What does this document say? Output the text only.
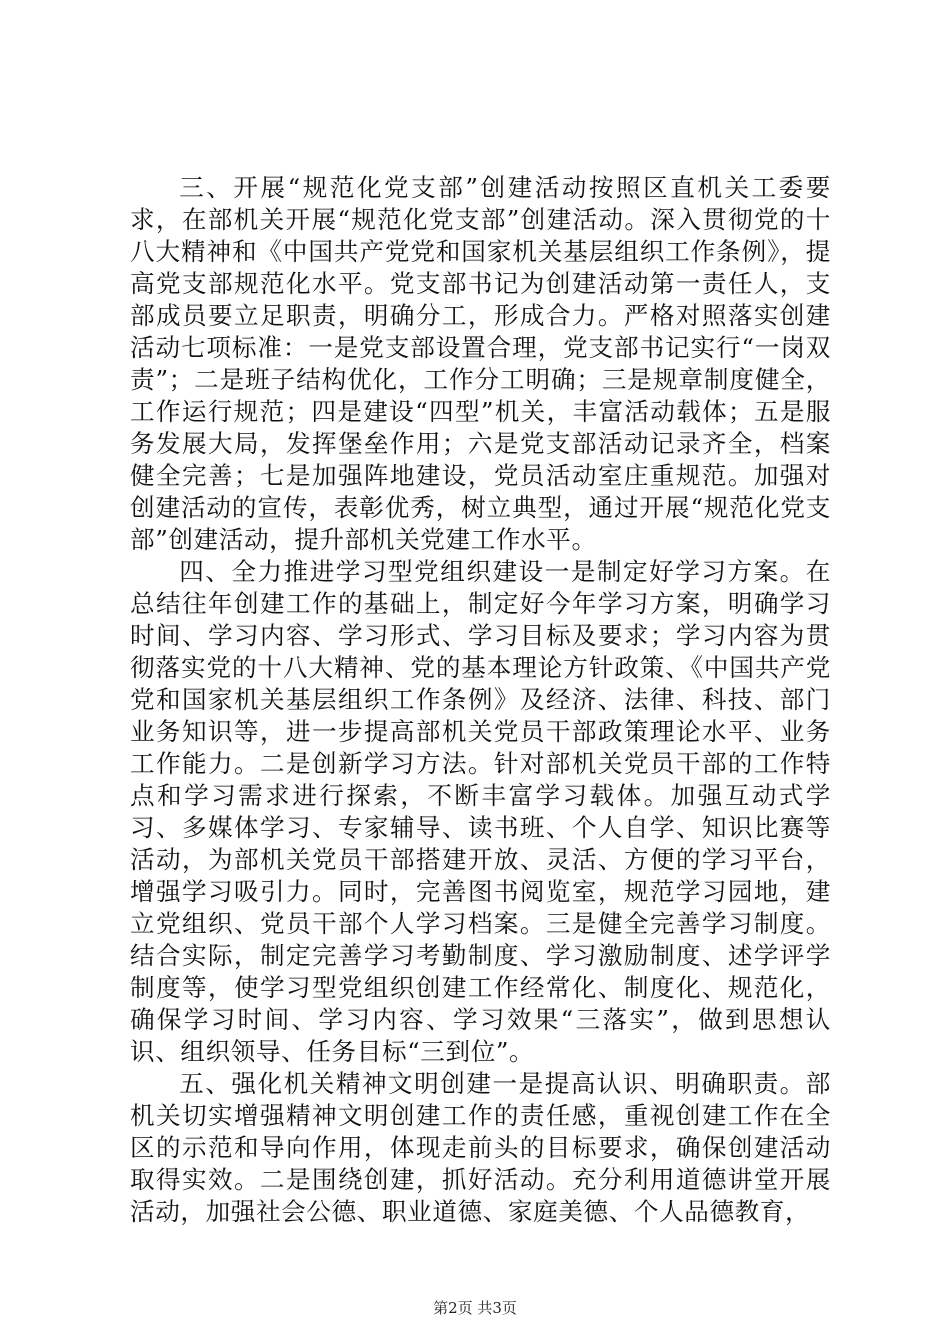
三、开展“规范化党支部”创建活动按照区直机关工委要求，在部机关开展“规范化党支部”创建活动。深入贯彻党的十八大精神和《中国共产党党和国家机关基层组织工作条例》，提高党支部规范化水平。党支部书记为创建活动第一责任人，支部成员要立足职责，明确分工，形成合力。严格对照落实创建活动七项标准：一是党支部设置合理，党支部书记实行“一岗双责”；二是班子结构优化，工作分工明确；三是规章制度健全，工作运行规范；四是建设“四型”机关，丰富活动载体；五是服务发展大局，发挥堡垒作用；六是党支部活动记录齐全，档案健全完善；七是加强阵地建设，党员活动室庄重规范。加强对创建活动的宣传，表彰优秀，树立典型，通过开展“规范化党支部”创建活动，提升部机关党建工作水平。

四、全力推进学习型党组织建设一是制定好学习方案。在总结往年创建工作的基础上，制定好今年学习方案，明确学习时间、学习内容、学习形式、学习目标及要求；学习内容为贯彻落实党的十八大精神、党的基本理论方针政策、《中国共产党党和国家机关基层组织工作条例》及经济、法律、科技、部门业务知识等，进一步提高部机关党员干部政策理论水平、业务工作能力。二是创新学习方法。针对部机关党员干部的工作特点和学习需求进行探索，不断丰富学习载体。加强互动式学习、多媒体学习、专家辅导、读书班、个人自学、知识比赛等活动，为部机关党员干部搭建开放、灵活、方便的学习平台，增强学习吸引力。同时，完善图书阅览室，规范学习园地，建立党组织、党员干部个人学习档案。三是健全完善学习制度。结合实际，制定完善学习考勤制度、学习激励制度、述学评学制度等，使学习型党组织创建工作经常化、制度化、规范化，确保学习时间、学习内容、学习效果“三落实”，做到思想认识、组织领导、任务目标“三到位”。

五、强化机关精神文明创建一是提高认识、明确职责。部机关切实增强精神文明创建工作的责任感，重视创建工作在全区的示范和导向作用，体现走前头的目标要求，确保创建活动取得实效。二是围绕创建，抓好活动。充分利用道德讲堂开展活动，加强社会公德、职业道德、家庭美德、个人品德教育，

第2页 共3页
